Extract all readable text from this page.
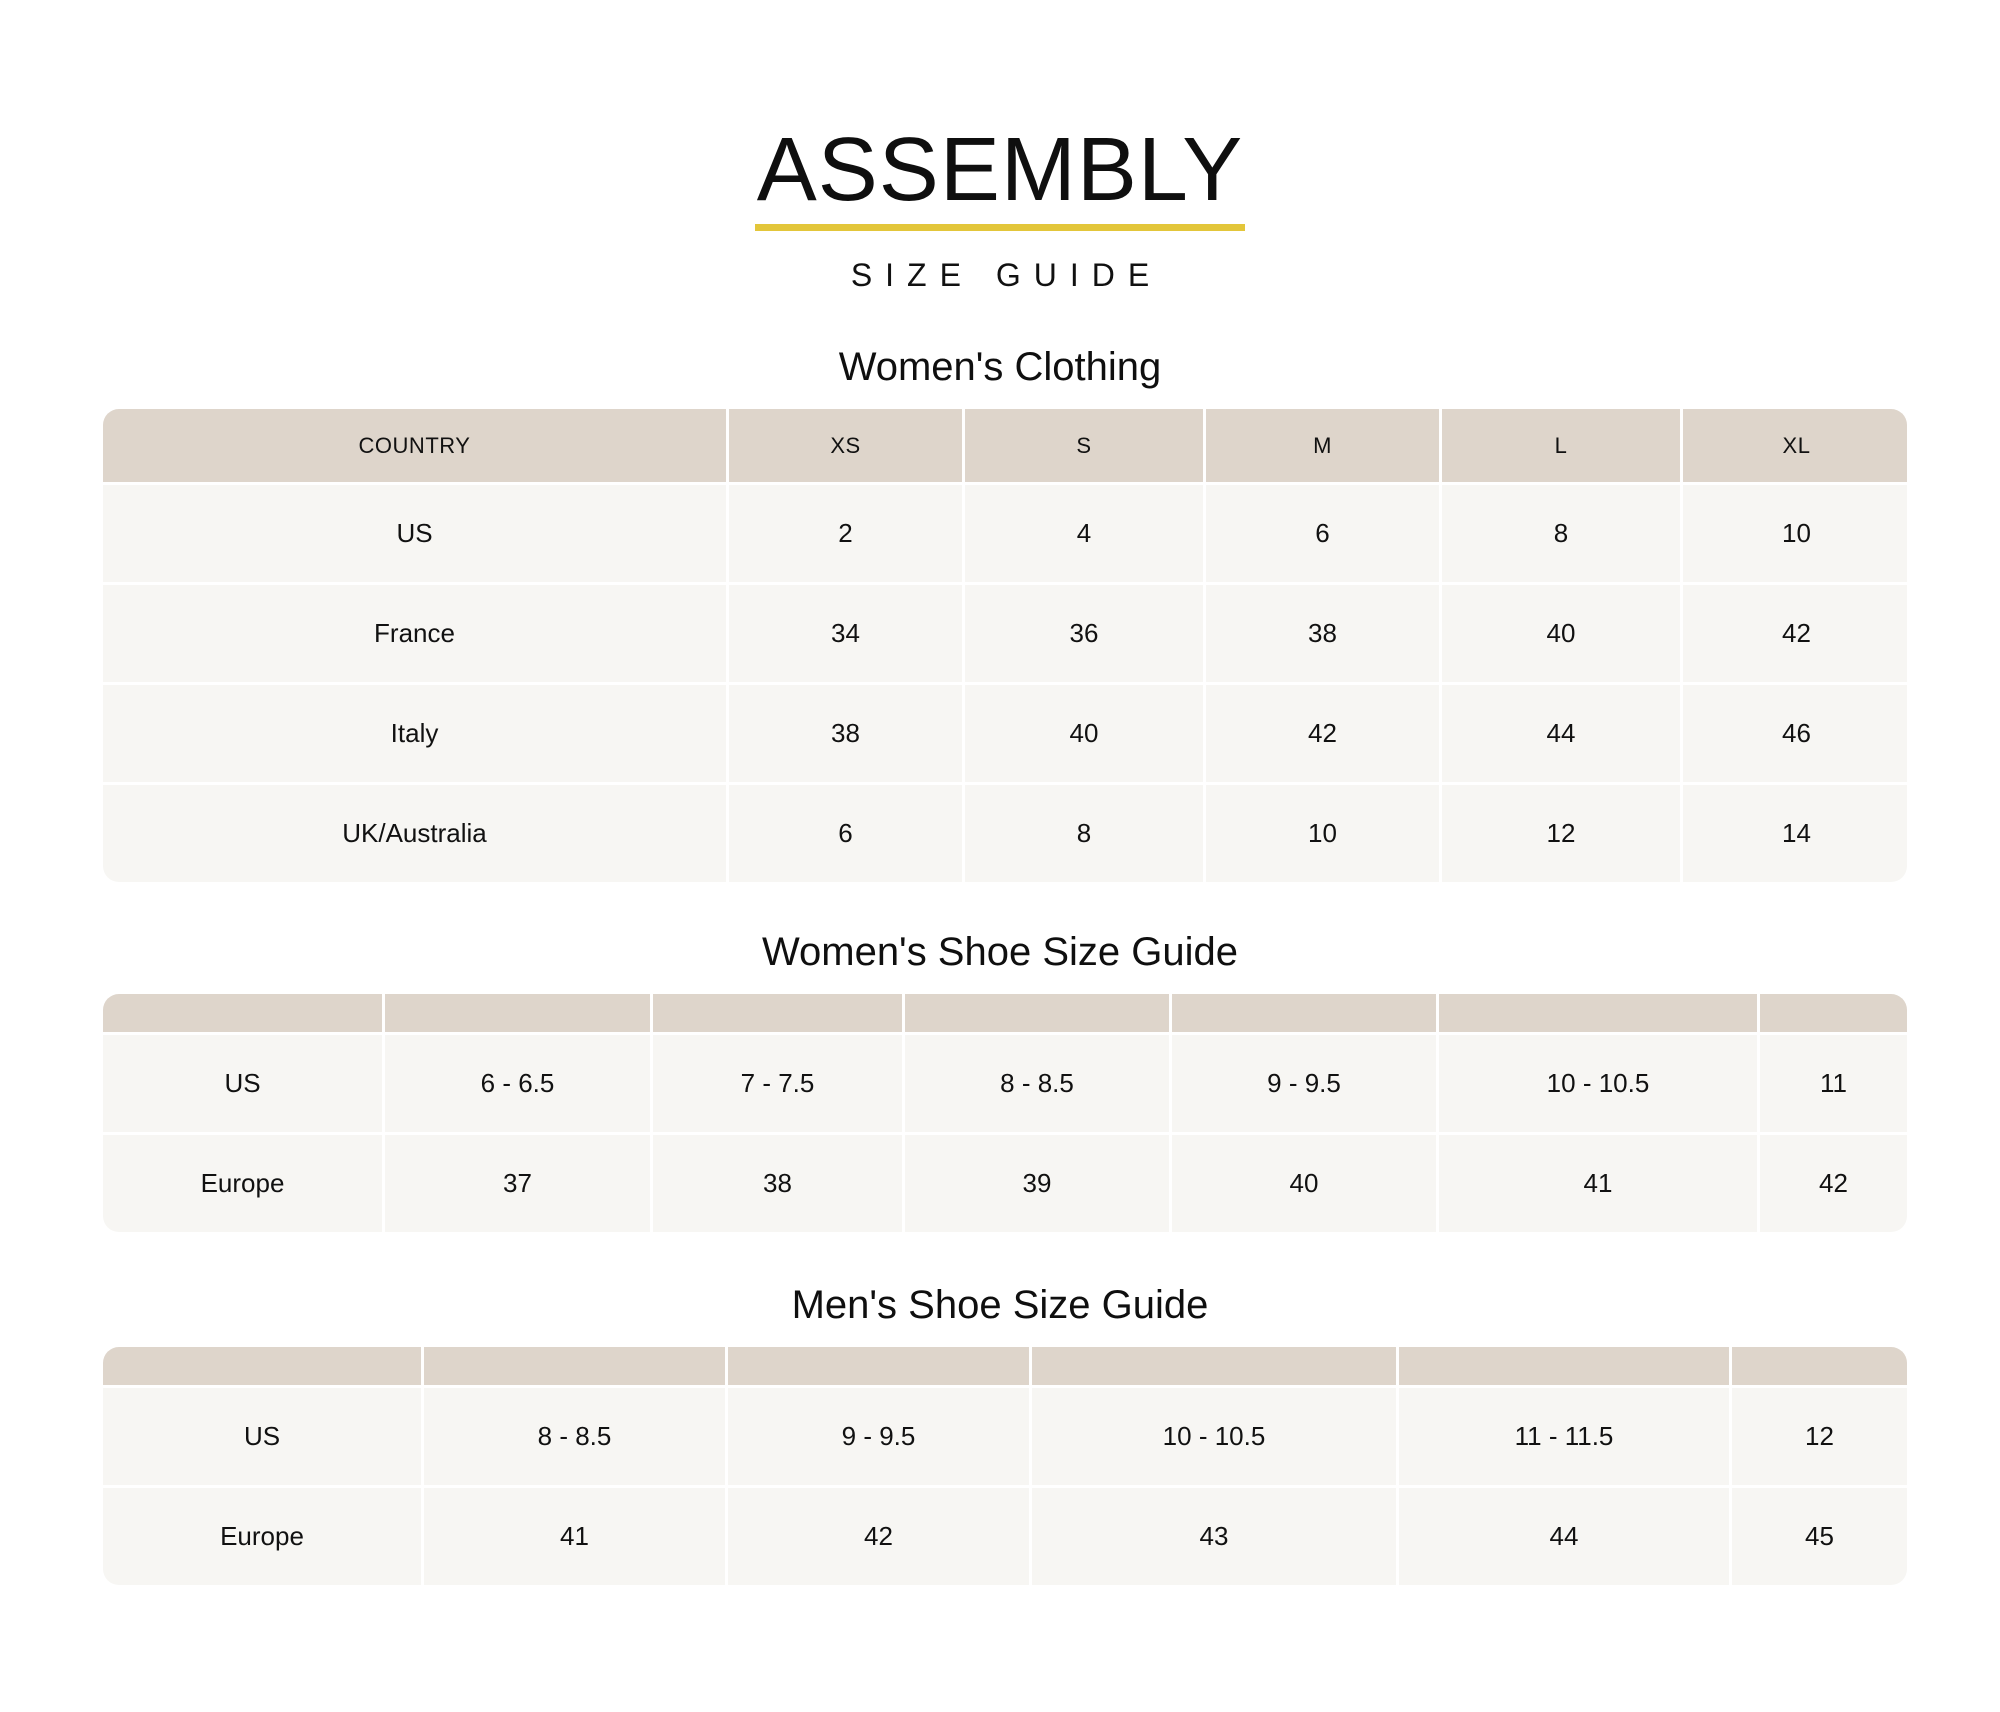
ASSEMBLY
SIZE GUIDE
Women's Clothing
COUNTRY	XS	S	M	L	XL
US	2	4	6	8	10
France	34	36	38	40	42
Italy	38	40	42	44	46
UK/Australia	6	8	10	12	14
Women's Shoe Size Guide
US	6 - 6.5	7 - 7.5	8 - 8.5	9 - 9.5	10 - 10.5	11
Europe	37	38	39	40	41	42
Men's Shoe Size Guide
US	8 - 8.5	9 - 9.5	10 - 10.5	11 - 11.5	12
Europe	41	42	43	44	45
